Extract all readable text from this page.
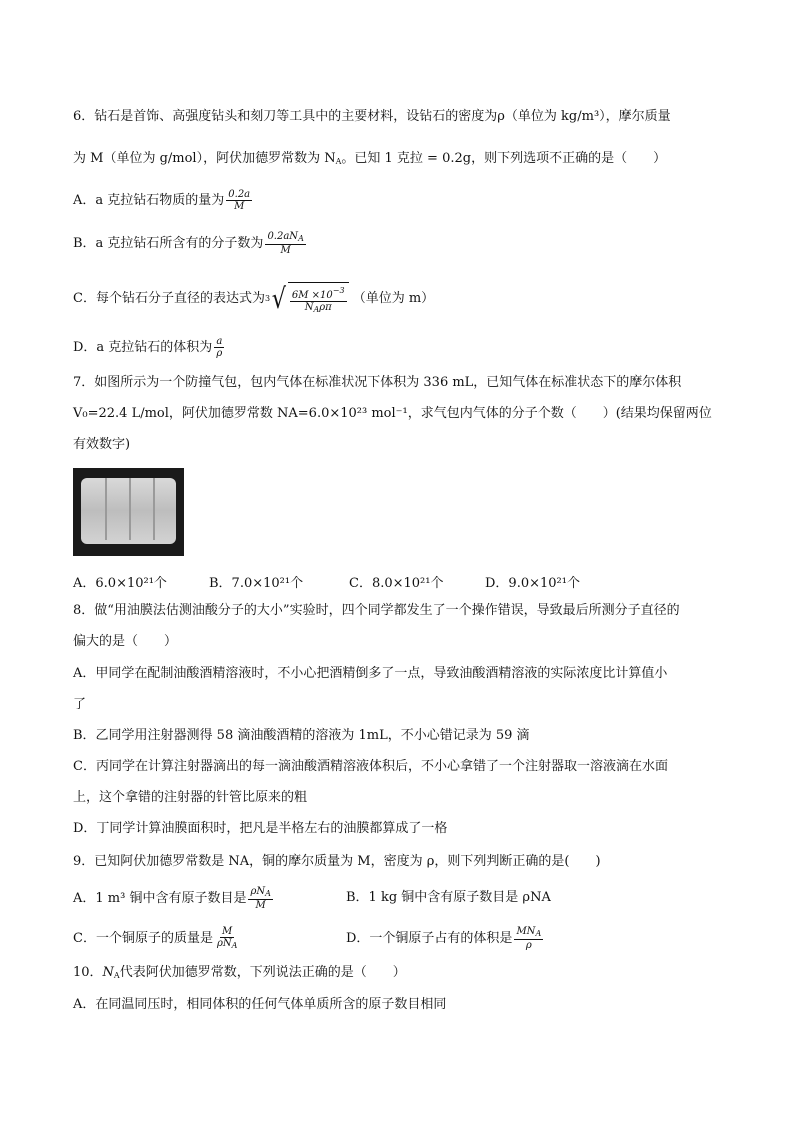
6．钻石是首饰、高强度钻头和刻刀等工具中的主要材料，设钻石的密度为ρ（单位为 kg/m³），摩尔质量
为 M（单位为 g/mol），阿伏加德罗常数为 $N_A$。已知 1 克拉 = 0.2g，则下列选项不正确的是（　　）
A．a 克拉钻石物质的量为 $\frac{0.2a}{M}$
B．a 克拉钻石所含有的分子数为 $\frac{0.2aN_A}{M}$
C．每个钻石分子直径的表达式为 3 √ $\frac{6M \times 10^{-3}}{N_A\rho\pi}$ （单位为 m）
D．a 克拉钻石的体积为 $\frac{a}{\rho}$
7．如图所示为一个防撞气包，包内气体在标准状况下体积为 336 mL，已知气体在标准状态下的摩尔体积
V₀=22.4 L/mol，阿伏加德罗常数 NA=6.0×10²³ mol⁻¹，求气包内气体的分子个数（　　）(结果均保留两位
有效数字)
A．6.0×10²¹个	B．7.0×10²¹个	C．8.0×10²¹个	D．9.0×10²¹个
8．做“用油膜法估测油酸分子的大小”实验时，四个同学都发生了一个操作错误，导致最后所测分子直径的
偏大的是（　　）
A．甲同学在配制油酸酒精溶液时，不小心把酒精倒多了一点，导致油酸酒精溶液的实际浓度比计算值小
了
B．乙同学用注射器测得 58 滴油酸酒精的溶液为 1mL，不小心错记录为 59 滴
C．丙同学在计算注射器滴出的每一滴油酸酒精溶液体积后，不小心拿错了一个注射器取一溶液滴在水面
上，这个拿错的注射器的针管比原来的粗
D．丁同学计算油膜面积时，把凡是半格左右的油膜都算成了一格
9．已知阿伏加德罗常数是 NA，铜的摩尔质量为 M，密度为 ρ，则下列判断正确的是(　　)
A．1 m³ 铜中含有原子数目是 $\frac{\rho N_A}{M}$	B．1 kg 铜中含有原子数目是 ρNA
C．一个铜原子的质量是 $\frac{M}{\rho N_A}$	D．一个铜原子占有的体积是 $\frac{MN_A}{\rho}$
10．$N_A$代表阿伏加德罗常数，下列说法正确的是（　　）
A．在同温同压时，相同体积的任何气体单质所含的原子数目相同
